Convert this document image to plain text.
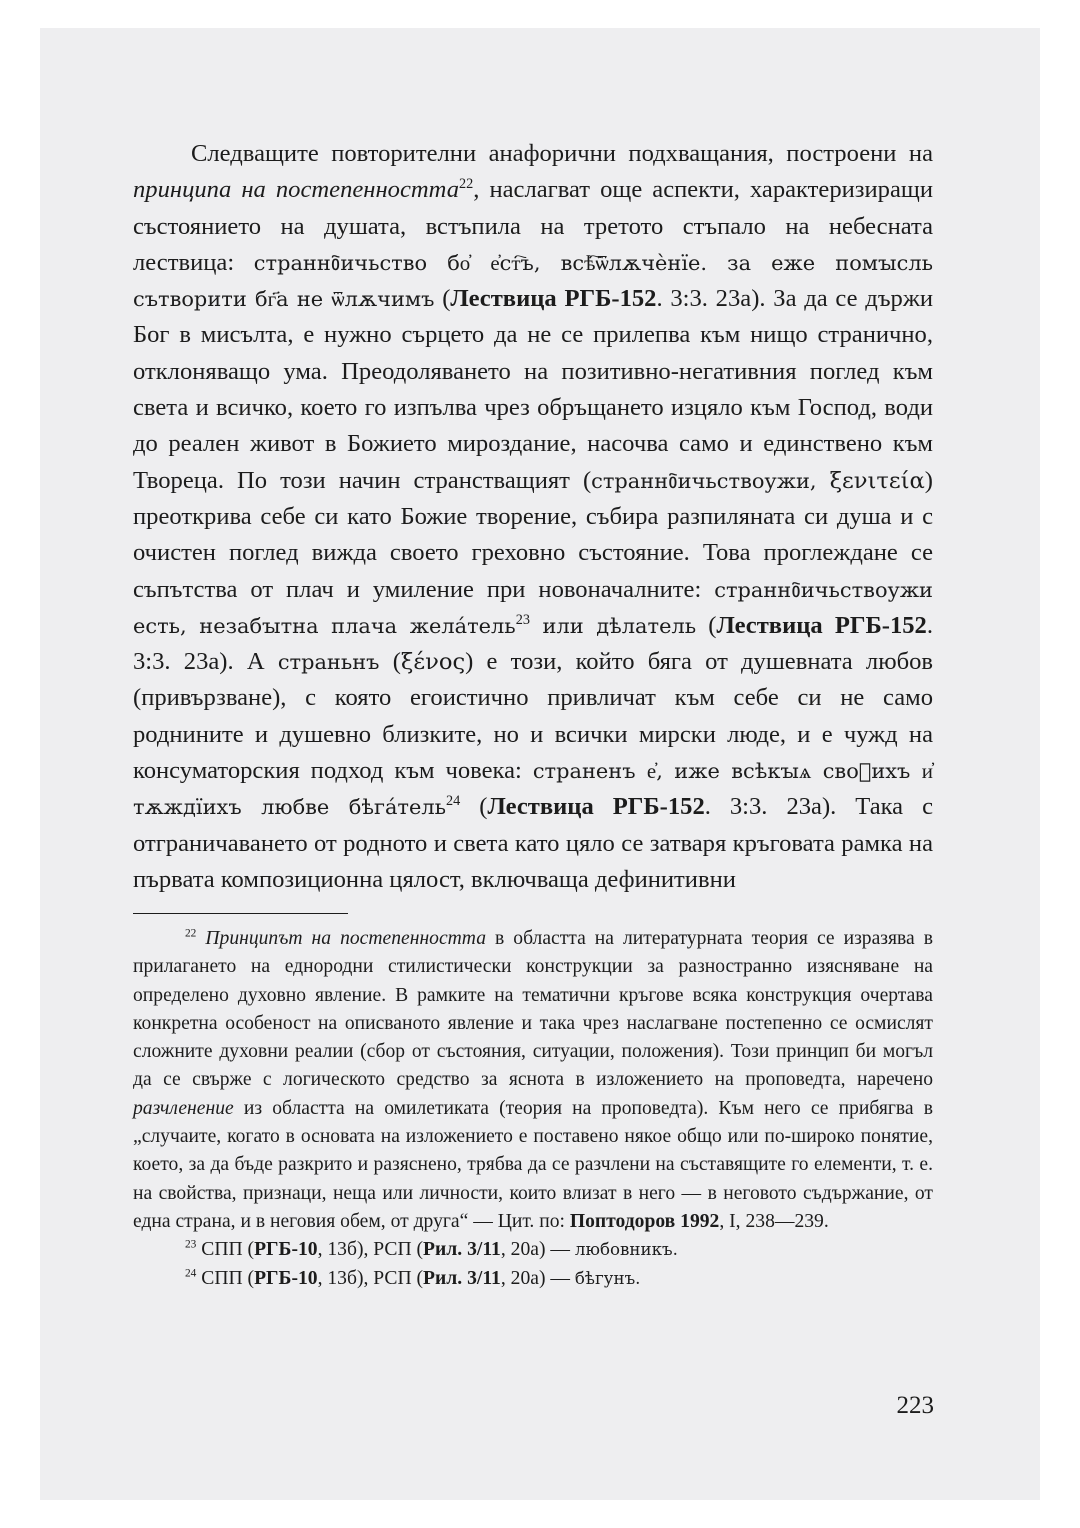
Следващите повторителни анафорични подхващания, построени на принципа на постепенността$^{22}$, наслагват още аспекти, характеризиращи състоянието на душата, встъпила на третото стъпало на небесната лествица: страннᲂ҇ичьство бо҆ е҆ст҇ъ, всѣ҇ѿлѫчѐнїе. за еже помꙑсль сътворити бг҃а не ѿлѫчимъ (Лествица РГБ-152. 3:3. 23а). За да се държи Бог в мисълта, е нужно сърцето да не се прилепва към нищо странично, отклоняващо ума. Преодоляването на позитивно-негативния поглед към света и всичко, което го изпълва чрез обръщането изцяло към Господ, води до реален живот в Божието мироздание, насочва само и единствено към Твореца. По този начин странстващият (страннᲂ҇ичьствоужи, ξενιτεία) преоткрива себе си като Божие творение, събира разпиляната си душа и с очистен поглед вижда своето греховно състояние. Това проглеждане се съпътства от плач и умиление при новоначалните: страннᲂ҇ичьствоужи есть, незабꙑтна плача желáтель$^{23}$ или дѣлатель (Лествица РГБ-152. 3:3. 23а). А страньнъ (ξένος) е този, който бяга от душевната любов (привързване), с която егоистично привличат към себе си не само роднините и душевно близките, но и всички мирски люде, и е чужд на консуматорския подход към човека: страненъ е҆, иже всѣкꙑѧ своꙵихъ и҆ тѫждїихъ любве бѣгáтель$^{24}$ (Лествица РГБ-152. 3:3. 23а). Така с отграничаването от родното и света като цяло се затваря кръговата рамка на първата композиционна цялост, включваща дефинитивни

$^{22}$ Принципът на постепенността в областта на литературната теория се изразява в прилагането на еднородни стилистически конструкции за разностранно изясняване на определено духовно явление. В рамките на тематични кръгове всяка конструкция очертава конкретна особеност на описваното явление и така чрез наслагване постепенно се осмислят сложните духовни реалии (сбор от състояния, ситуации, положения). Този принцип би могъл да се свърже с логическото средство за яснота в изложението на проповедта, наречено разчленение из областта на омилетиката (теория на проповедта). Към него се прибягва в „случаите, когато в основата на изложението е поставено някое общо или по-широко понятие, което, за да бъде разкрито и разяснено, трябва да се разчлени на съставящите го елементи, т. е. на свойства, признаци, неща или личности, които влизат в него — в неговото съдържание, от една страна, и в неговия обем, от друга“ — Цит. по: Поптодоров 1992, I, 238—239.

$^{23}$ СПП (РГБ-10, 13б), РСП (Рил. 3/11, 20а) — любовникъ.

$^{24}$ СПП (РГБ-10, 13б), РСП (Рил. 3/11, 20а) — бѣгунъ.

223
